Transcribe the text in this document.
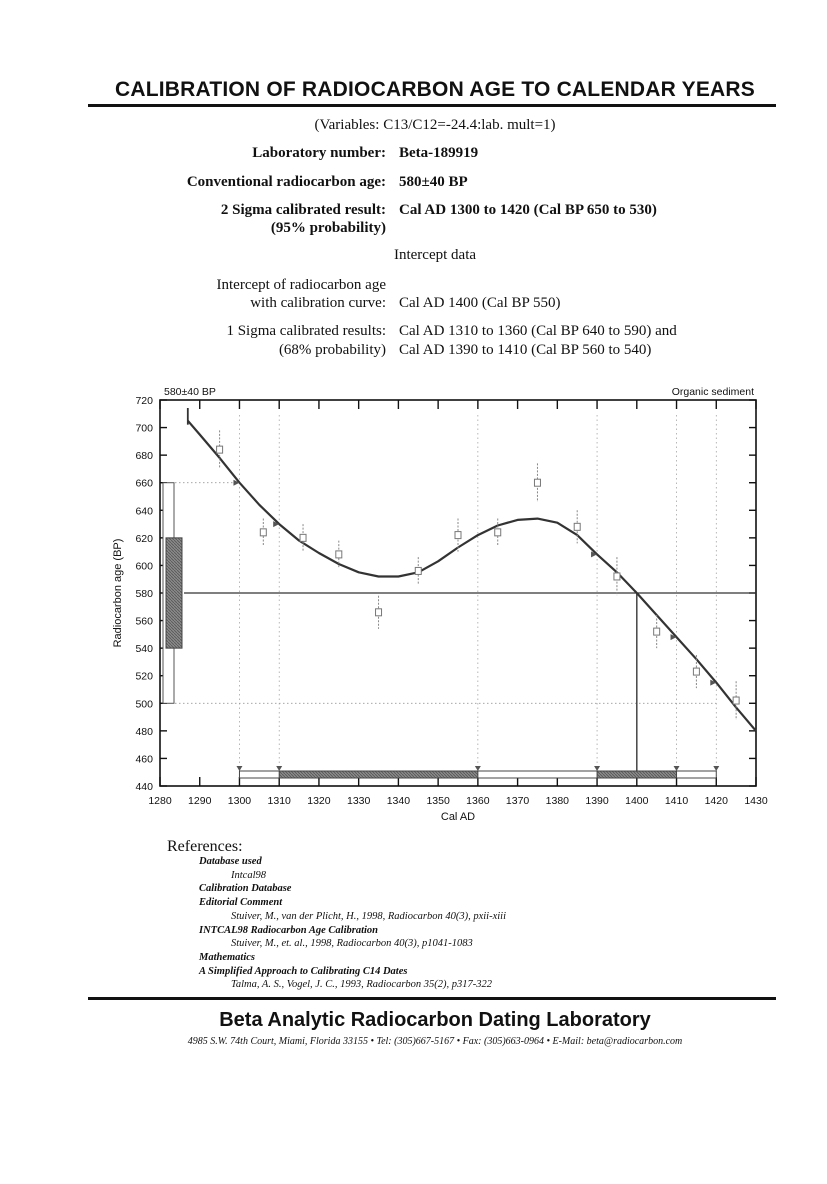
CALIBRATION OF RADIOCARBON AGE TO CALENDAR YEARS
(Variables: C13/C12=-24.4:lab. mult=1)
Laboratory number: Beta-189919
Conventional radiocarbon age: 580±40 BP
2 Sigma calibrated result: Cal AD 1300 to 1420 (Cal BP 650 to 530)
(95% probability)
Intercept data
Intercept of radiocarbon age
with calibration curve: Cal AD 1400 (Cal BP 550)
1 Sigma calibrated results: Cal AD 1310 to 1360 (Cal BP 640 to 590) and
(68% probability) Cal AD 1390 to 1410 (Cal BP 560 to 540)
1280 1290 1300 1310 1320 1330 1340 1350 1360 1370 1380 1390 1400 1410 1420 1430
440
460
480
500
520
540
560
580
600
620
640
660
680
700
720
Cal AD
Radiocarbon age (BP)
580±40 BP	Organic sediment
References:
Database used
Intcal98
Calibration Database
Editorial Comment
Stuiver, M., van der Plicht, H., 1998, Radiocarbon 40(3), pxii-xiii
INTCAL98 Radiocarbon Age Calibration
Stuiver, M., et. al., 1998, Radiocarbon 40(3), p1041-1083
Mathematics
A Simplified Approach to Calibrating C14 Dates
Talma, A. S., Vogel, J. C., 1993, Radiocarbon 35(2), p317-322
Beta Analytic Radiocarbon Dating Laboratory
4985 S.W. 74th Court, Miami, Florida 33155 • Tel: (305)667-5167 • Fax: (305)663-0964 • E-Mail: beta@radiocarbon.com
